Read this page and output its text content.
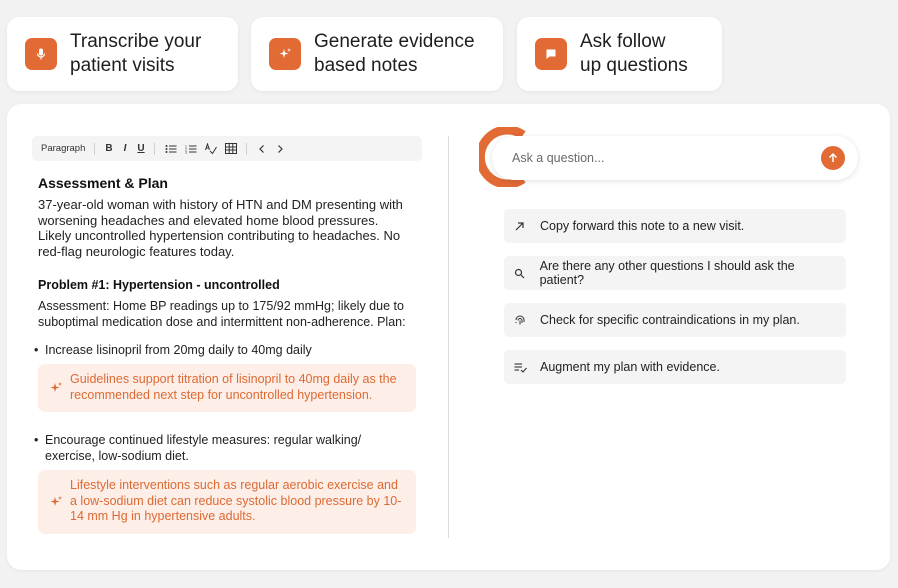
Transcribe your
patient visits
Generate evidence
based notes
Ask follow
up questions
Paragraph B I U	1
2
3
Assessment & Plan
37-year-old woman with history of HTN and DM presenting with worsening headaches and elevated home blood pressures. Likely uncontrolled hypertension contributing to headaches. No red-flag neurologic features today.
Problem #1: Hypertension - uncontrolled
Assessment: Home BP readings up to 175/92 mmHg; likely due to suboptimal medication dose and intermittent non-adherence. Plan:
• Increase lisinopril from 20mg daily to 40mg daily
Guidelines support titration of lisinopril to 40mg daily as the recommended next step for uncontrolled hypertension.
• Encourage continued lifestyle measures: regular walking/ exercise, low-sodium diet.
Lifestyle interventions such as regular aerobic exercise and a low-sodium diet can reduce systolic blood pressure by 10-14 mm Hg in hypertensive adults.
Ask a question...
Copy forward this note to a new visit.
Are there any other questions I should ask the patient?
Check for specific contraindications in my plan.
Augment my plan with evidence.
